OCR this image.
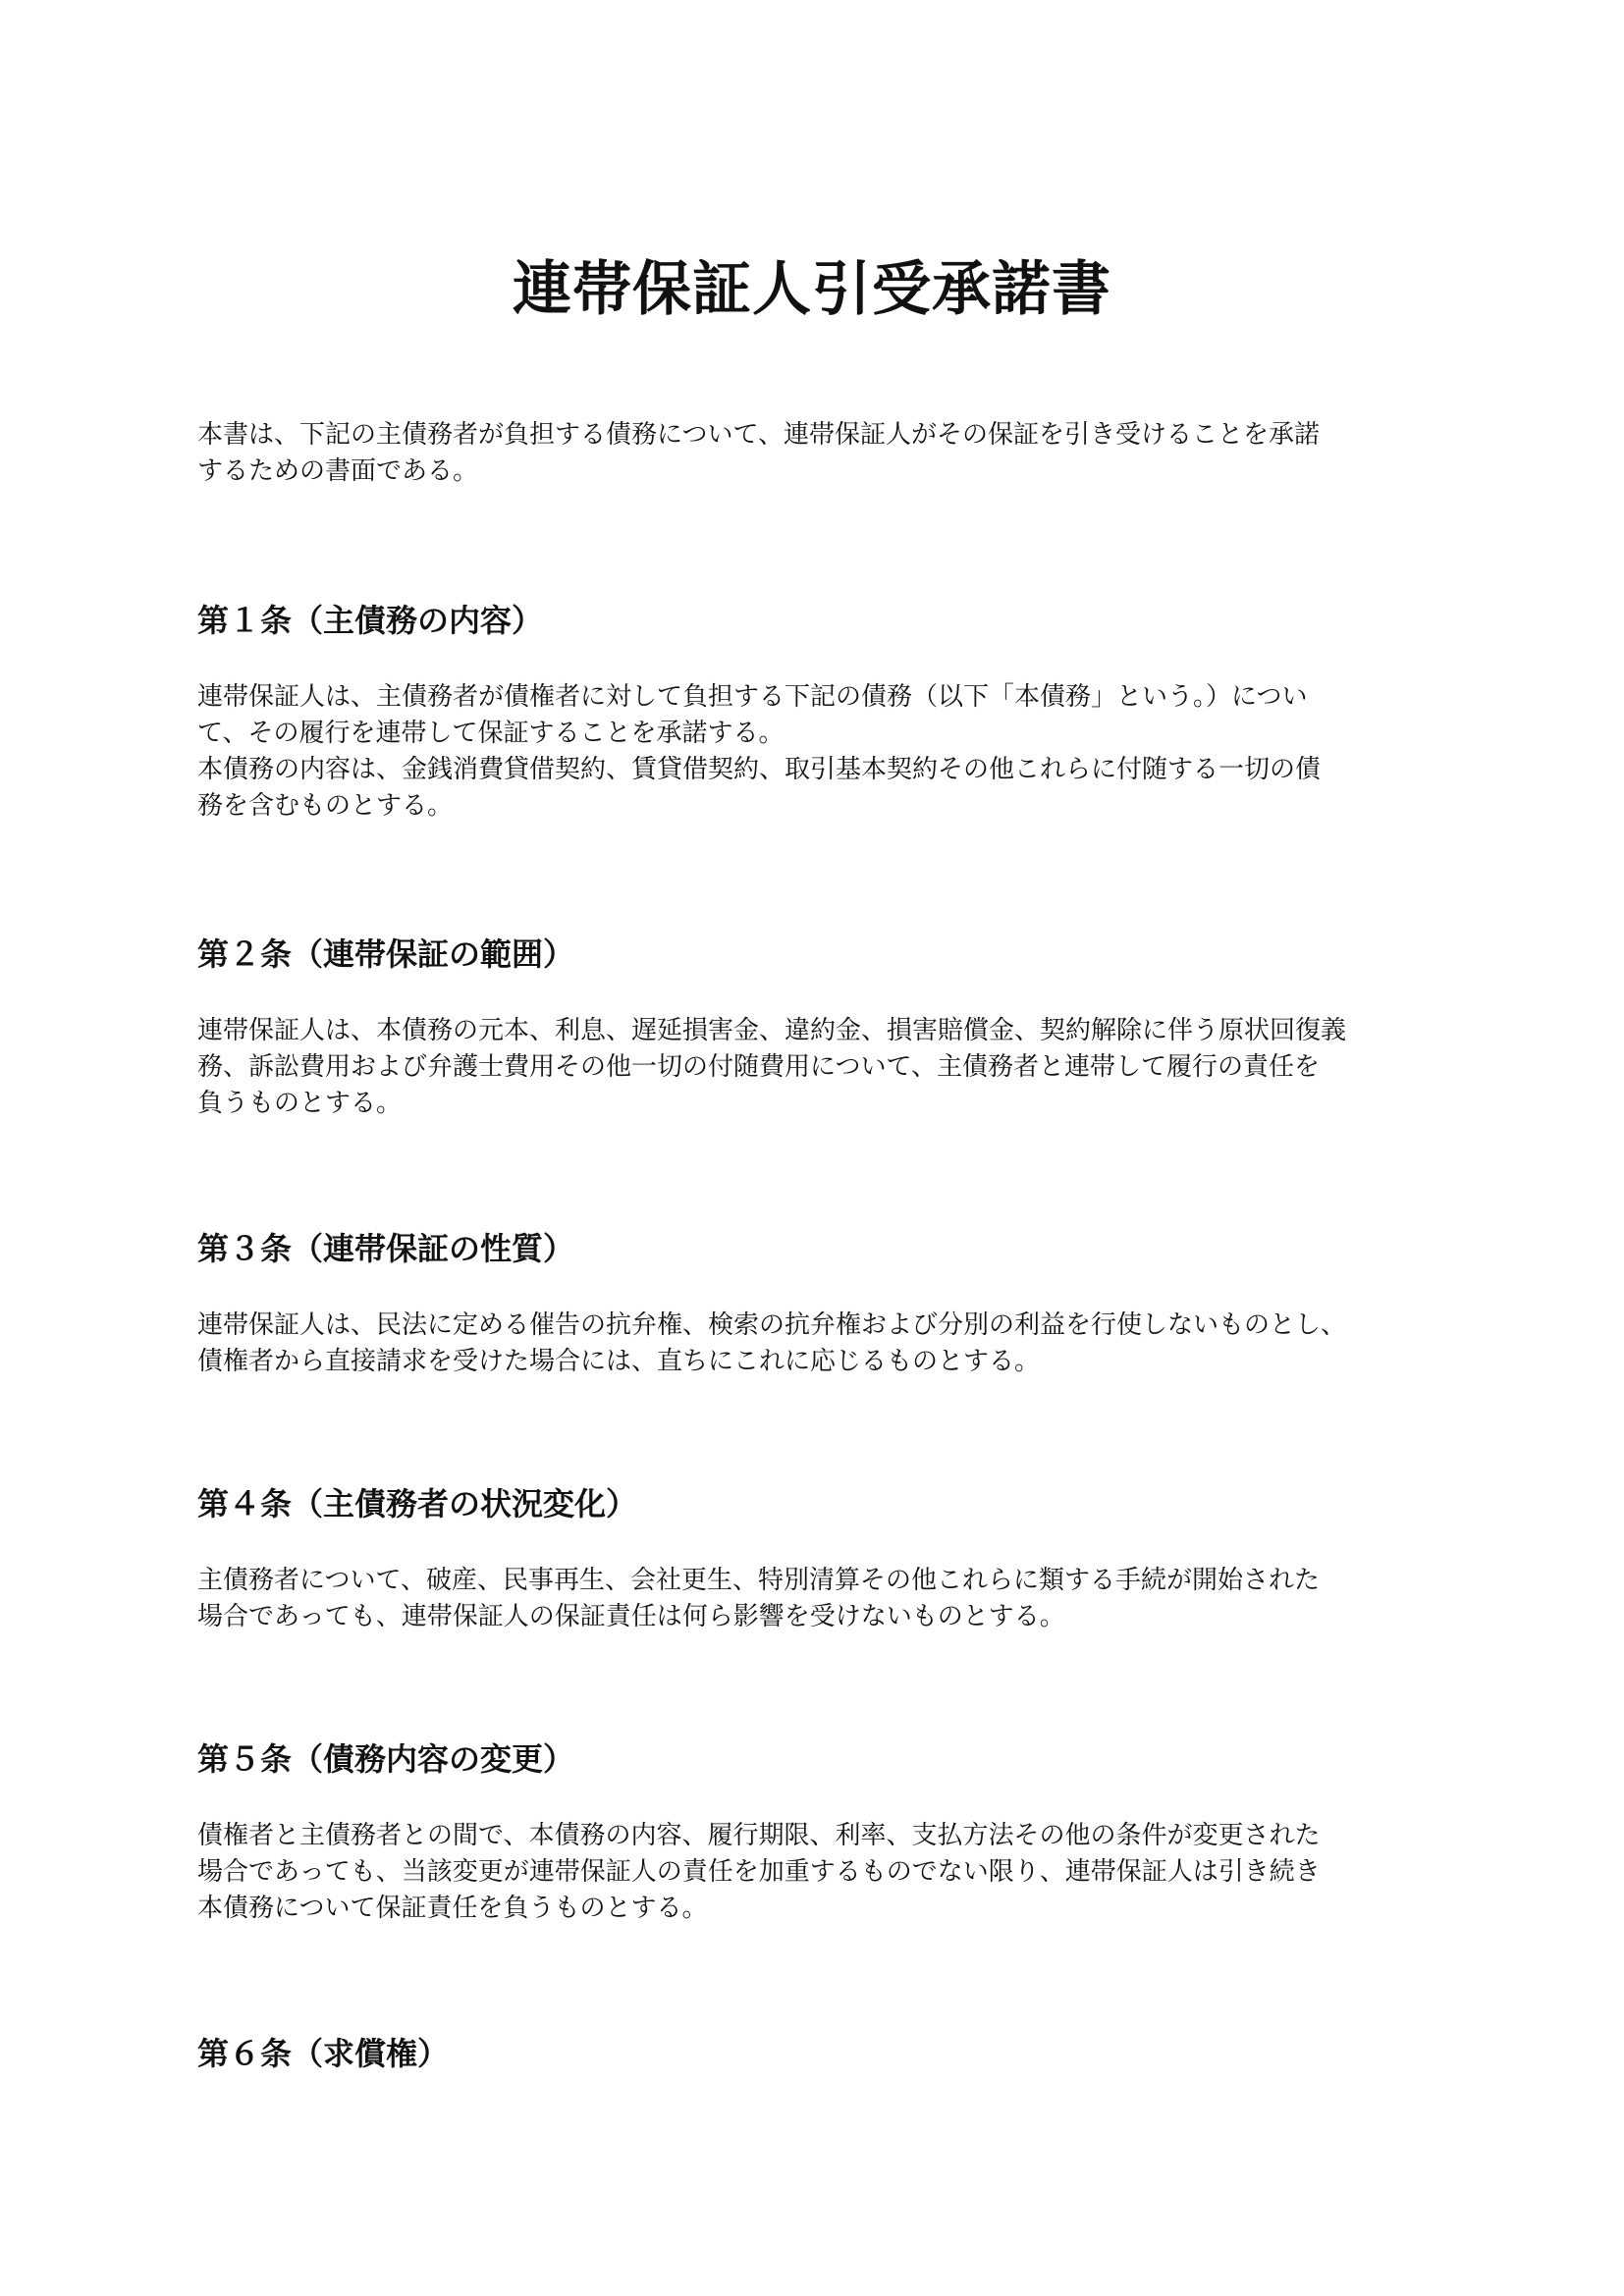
連帯保証人引受承諾書

本書は、下記の主債務者が負担する債務について、連帯保証人がその保証を引き受けることを承諾
するための書面である。

第１条（主債務の内容）

連帯保証人は、主債務者が債権者に対して負担する下記の債務（以下「本債務」という。）につい
て、その履行を連帯して保証することを承諾する。
本債務の内容は、金銭消費貸借契約、賃貸借契約、取引基本契約その他これらに付随する一切の債
務を含むものとする。

第２条（連帯保証の範囲）

連帯保証人は、本債務の元本、利息、遅延損害金、違約金、損害賠償金、契約解除に伴う原状回復義
務、訴訟費用および弁護士費用その他一切の付随費用について、主債務者と連帯して履行の責任を
負うものとする。

第３条（連帯保証の性質）

連帯保証人は、民法に定める催告の抗弁権、検索の抗弁権および分別の利益を行使しないものとし、
債権者から直接請求を受けた場合には、直ちにこれに応じるものとする。

第４条（主債務者の状況変化）

主債務者について、破産、民事再生、会社更生、特別清算その他これらに類する手続が開始された
場合であっても、連帯保証人の保証責任は何ら影響を受けないものとする。

第５条（債務内容の変更）

債権者と主債務者との間で、本債務の内容、履行期限、利率、支払方法その他の条件が変更された
場合であっても、当該変更が連帯保証人の責任を加重するものでない限り、連帯保証人は引き続き
本債務について保証責任を負うものとする。

第６条（求償権）
